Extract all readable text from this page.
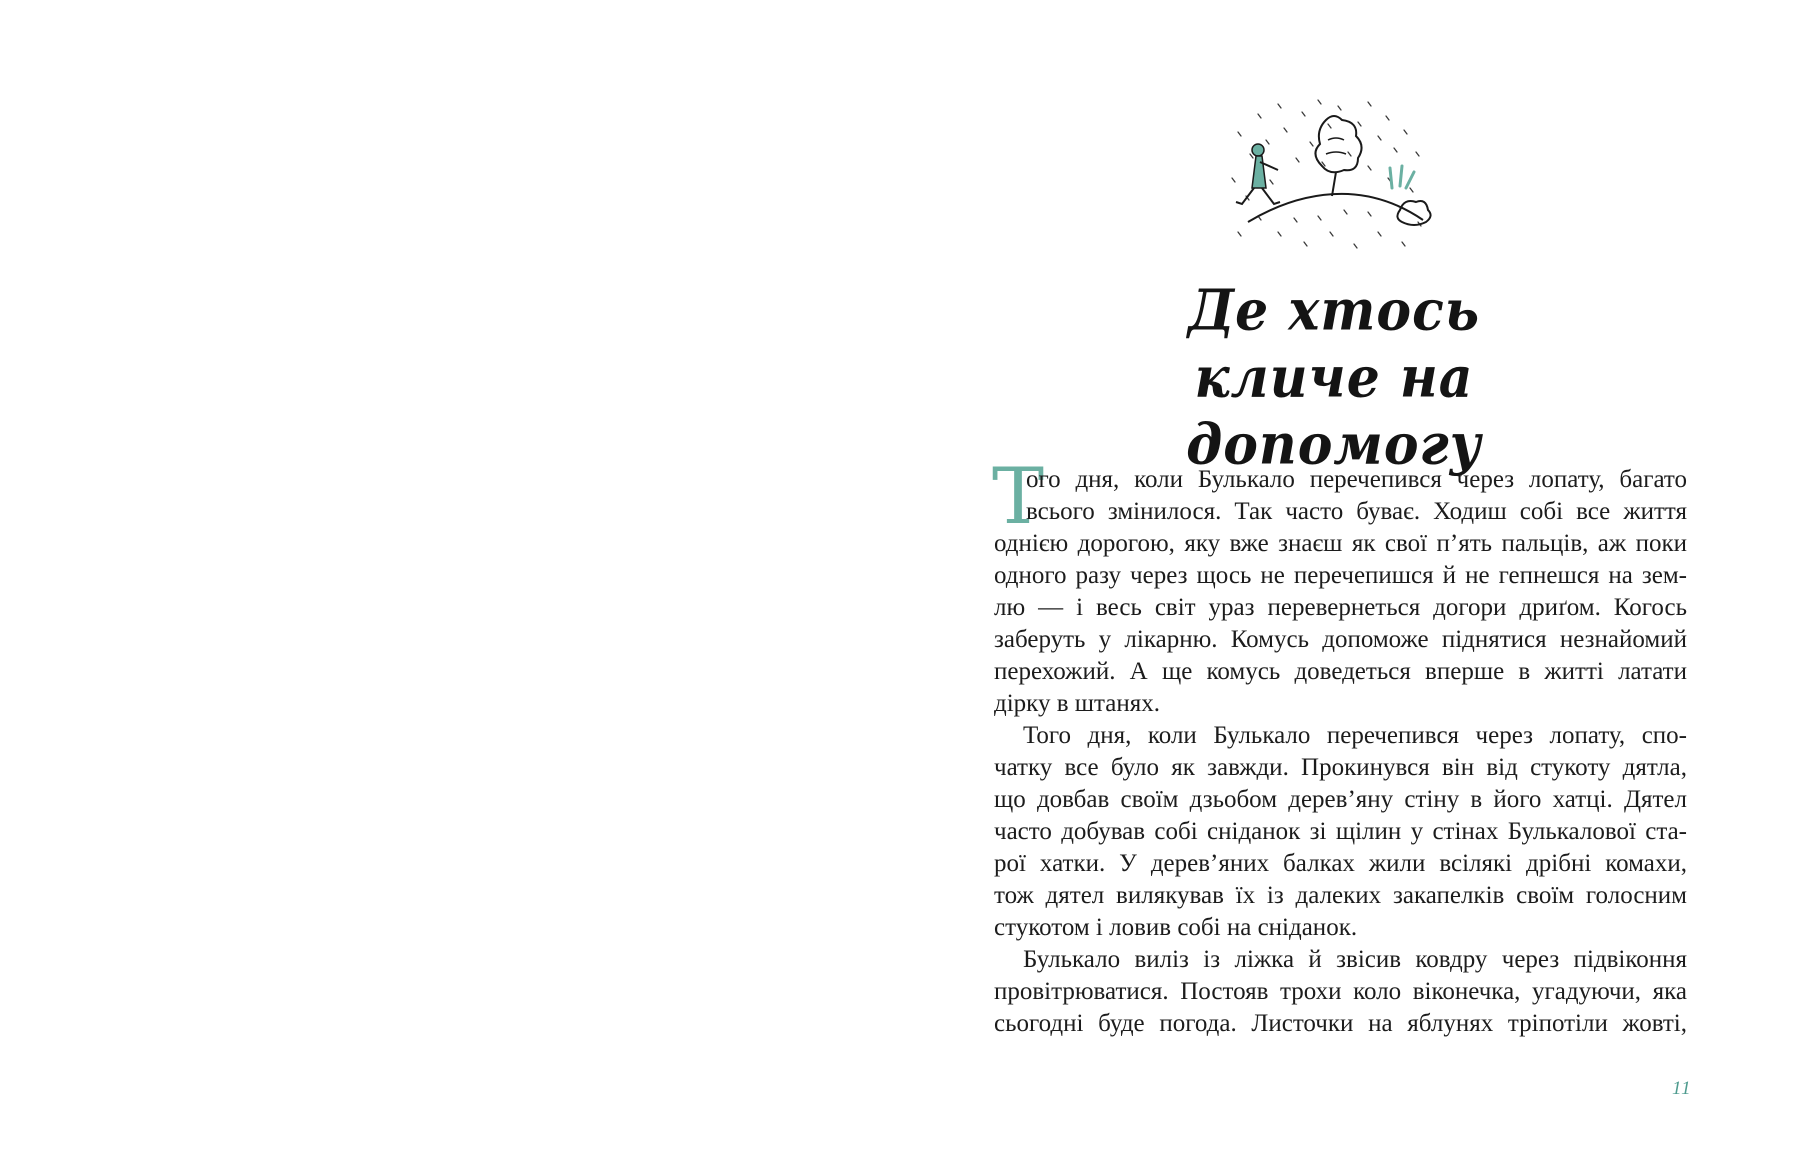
Де хтось
кличе на допомогу
Т
ого дня, коли Булькало перечепився через лопату, багато
всього змінилося. Так часто буває. Ходиш собі все життя
однією дорогою, яку вже знаєш як свої п’ять пальців, аж поки
одного разу через щось не перечепишся й не гепнешся на зем-
лю — і весь світ ураз перевернеться догори дриґом. Когось
заберуть у лікарню. Комусь допоможе піднятися незнайомий
перехожий. А ще комусь доведеться вперше в житті латати
дірку в штанях.
Того дня, коли Булькало перечепився через лопату, спо-
чатку все було як завжди. Прокинувся він від стукоту дятла,
що довбав своїм дзьобом дерев’яну стіну в його хатці. Дятел
часто добував собі сніданок зі щілин у стінах Булькалової ста-
рої хатки. У дерев’яних балках жили всілякі дрібні комахи,
тож дятел вилякував їх із далеких закапелків своїм голосним
стукотом і ловив собі на сніданок.
Булькало виліз із ліжка й звісив ковдру через підвіконня
провітрюватися. Постояв трохи коло віконечка, угадуючи, яка
сьогодні буде погода. Листочки на яблунях тріпотіли жовті,
11
